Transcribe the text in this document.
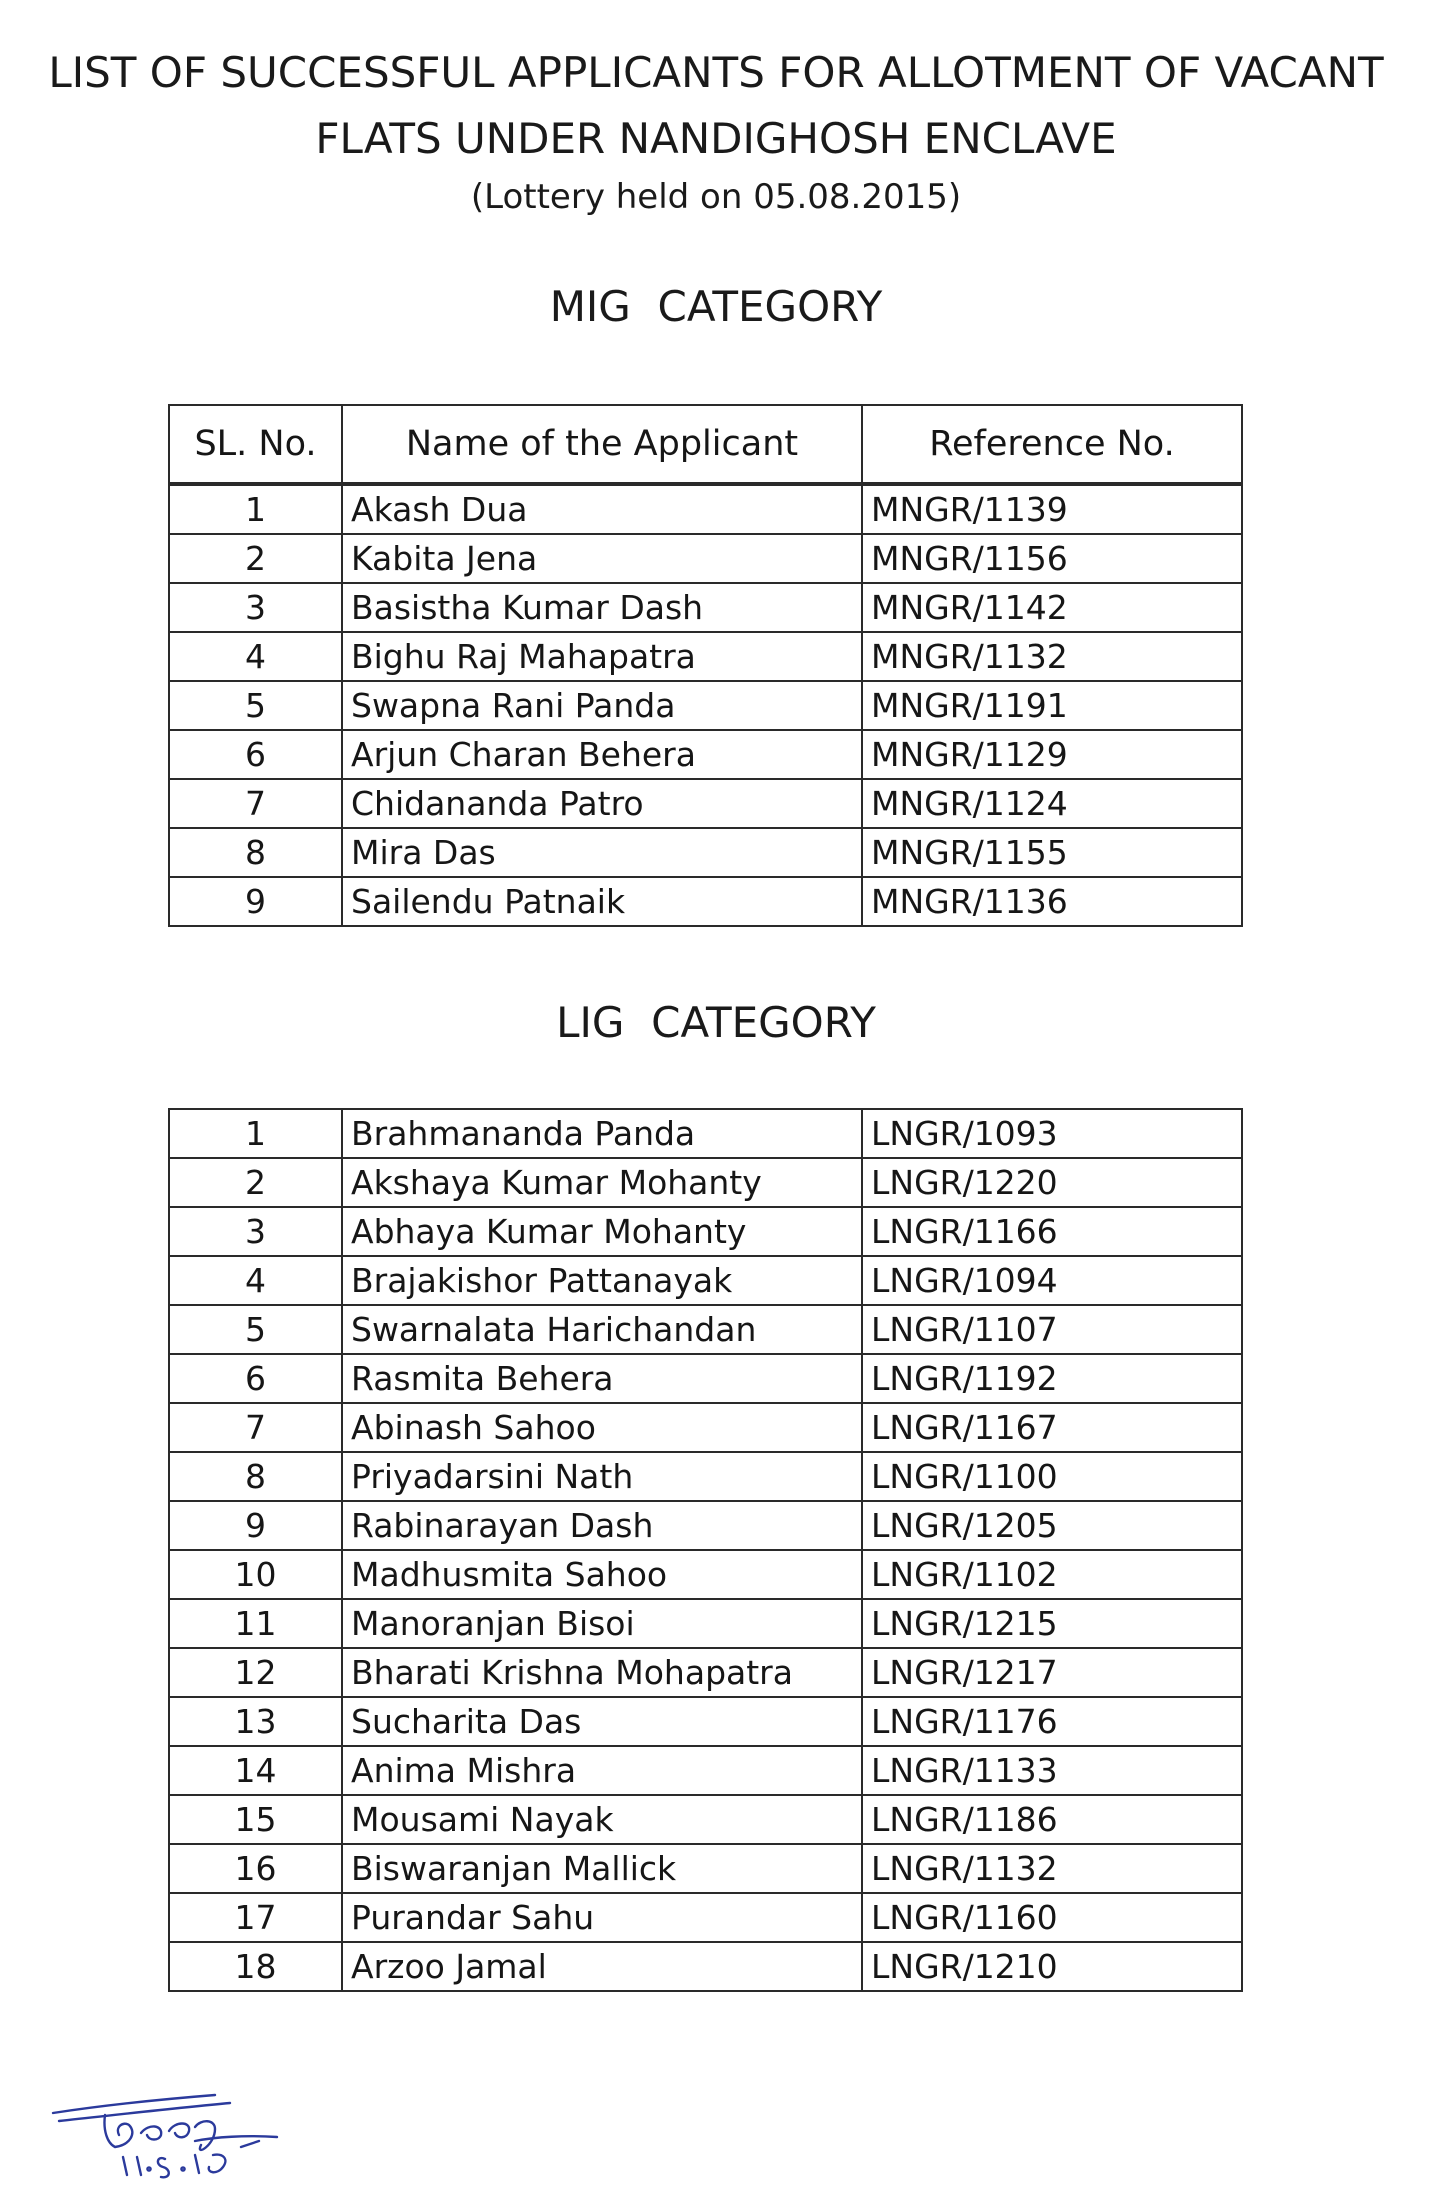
LIST OF SUCCESSFUL APPLICANTS FOR ALLOTMENT OF VACANT
FLATS UNDER NANDIGHOSH ENCLAVE
(Lottery held on 05.08.2015)
MIG  CATEGORY
SL. No.	Name of the Applicant	Reference No.
1	Akash Dua	MNGR/1139
2	Kabita Jena	MNGR/1156
3	Basistha Kumar Dash	MNGR/1142
4	Bighu Raj Mahapatra	MNGR/1132
5	Swapna Rani Panda	MNGR/1191
6	Arjun Charan Behera	MNGR/1129
7	Chidananda Patro	MNGR/1124
8	Mira Das	MNGR/1155
9	Sailendu Patnaik	MNGR/1136
LIG  CATEGORY
1	Brahmananda Panda	LNGR/1093
2	Akshaya Kumar Mohanty	LNGR/1220
3	Abhaya Kumar Mohanty	LNGR/1166
4	Brajakishor Pattanayak	LNGR/1094
5	Swarnalata Harichandan	LNGR/1107
6	Rasmita Behera	LNGR/1192
7	Abinash Sahoo	LNGR/1167
8	Priyadarsini Nath	LNGR/1100
9	Rabinarayan Dash	LNGR/1205
10	Madhusmita Sahoo	LNGR/1102
11	Manoranjan Bisoi	LNGR/1215
12	Bharati Krishna Mohapatra	LNGR/1217
13	Sucharita Das	LNGR/1176
14	Anima Mishra	LNGR/1133
15	Mousami Nayak	LNGR/1186
16	Biswaranjan Mallick	LNGR/1132
17	Purandar Sahu	LNGR/1160
18	Arzoo Jamal	LNGR/1210
